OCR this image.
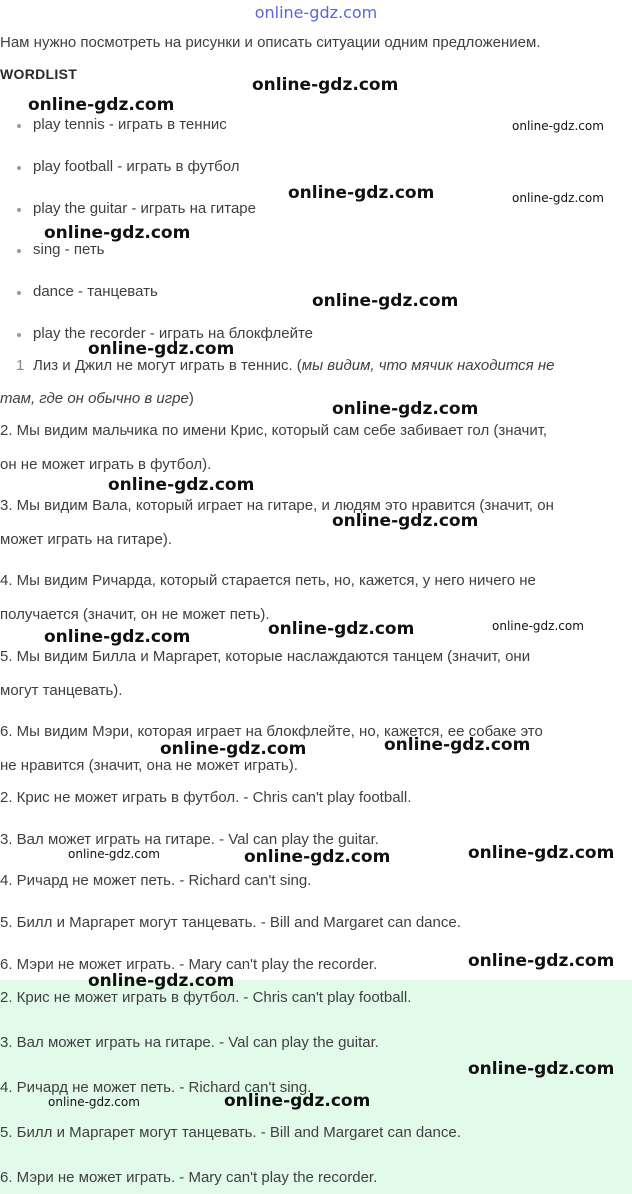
online-gdz.com
Нам нужно посмотреть на рисунки и описать ситуации одним предложением.
WORDLIST
play tennis - играть в теннис
play football - играть в футбол
play the guitar - играть на гитаре
sing - петь
dance - танцевать
play the recorder - играть на блокфлейте
1 Лиз и Джил не могут играть в теннис. (мы видим, что мячик находится не
там, где он обычно в игре)
2. Мы видим мальчика по имени Крис, который сам себе забивает гол (значит,
он не может играть в футбол).
3. Мы видим Вала, который играет на гитаре, и людям это нравится (значит, он
может играть на гитаре).
4. Мы видим Ричарда, который старается петь, но, кажется, у него ничего не
получается (значит, он не может петь).
5. Мы видим Билла и Маргарет, которые наслаждаются танцем (значит, они
могут танцевать).
6. Мы видим Мэри, которая играет на блокфлейте, но, кажется, ее собаке это
не нравится (значит, она не может играть).
2. Крис не может играть в футбол. - Chris can't play football.
3. Вал может играть на гитаре. - Val can play the guitar.
4. Ричард не может петь. - Richard can't sing.
5. Билл и Маргарет могут танцевать. - Bill and Margaret can dance.
6. Мэри не может играть. - Mary can't play the recorder.
2. Крис не может играть в футбол. - Chris can't play football.
3. Вал может играть на гитаре. - Val can play the guitar.
4. Ричард не может петь. - Richard can't sing.
5. Билл и Маргарет могут танцевать. - Bill and Margaret can dance.
6. Мэри не может играть. - Mary can't play the recorder.
online-gdz.com
online-gdz.com
online-gdz.com
online-gdz.com	online-gdz.com
online-gdz.com
online-gdz.com
online-gdz.com
online-gdz.com
online-gdz.com
online-gdz.com
online-gdz.com	online-gdz.com
online-gdz.com
online-gdz.com
online-gdz.com
online-gdz.com
online-gdz.com	online-gdz.com
online-gdz.com
online-gdz.com
online-gdz.com
online-gdz.com	online-gdz.com
